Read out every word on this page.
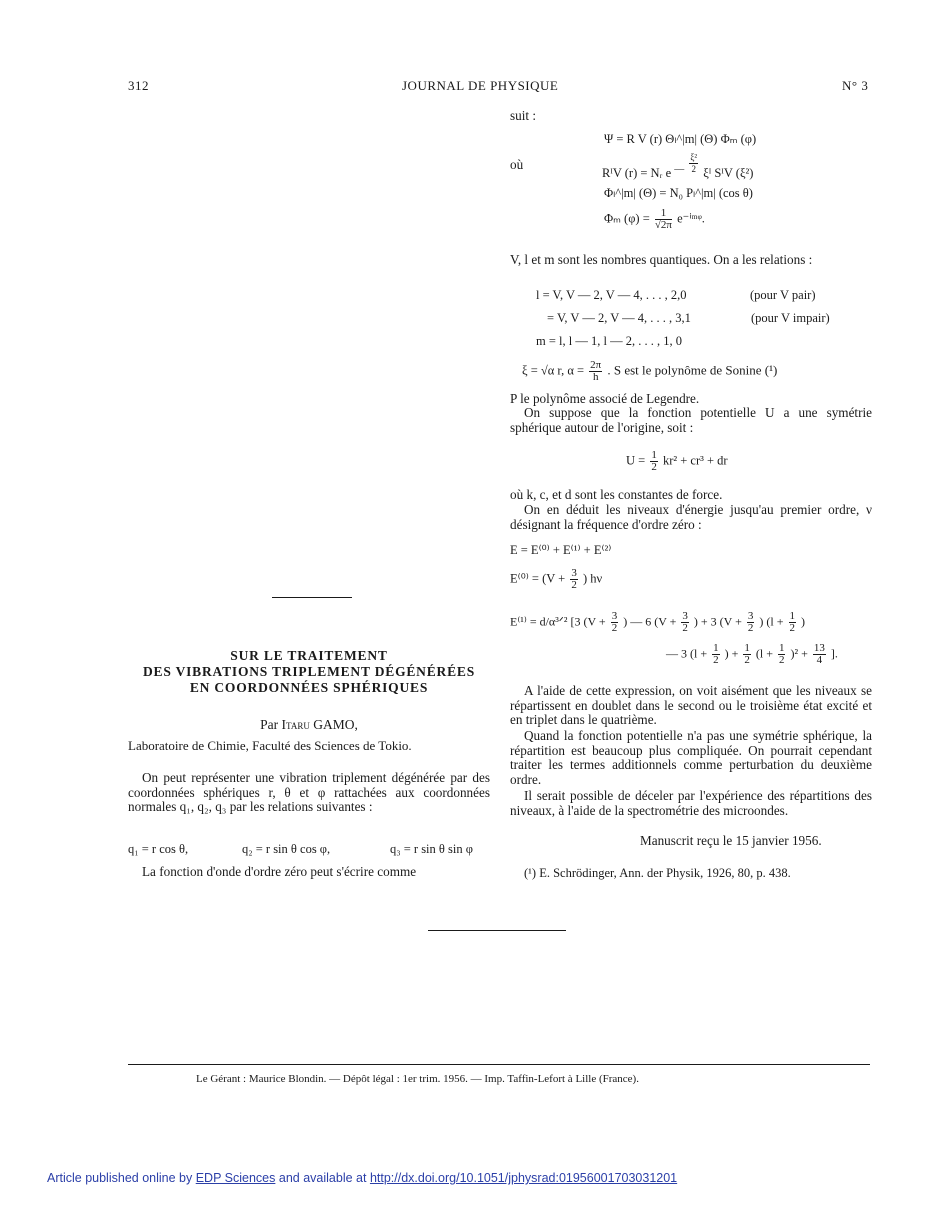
312	JOURNAL DE PHYSIQUE	N° 3
SUR LE TRAITEMENT
DES VIBRATIONS TRIPLEMENT DÉGÉNÉRÉES
EN COORDONNÉES SPHÉRIQUES
Par Itaru GAMO,
Laboratoire de Chimie, Faculté des Sciences de Tokio.
On peut représenter une vibration triplement dégénérée par des coordonnées sphériques r, θ et φ rattachées aux coordonnées normales q₁, q₂, q₃ par les relations suivantes :
q₁ = r cos θ,	q₂ = r sin θ cos φ,	q₃ = r sin θ sin φ
La fonction d'onde d'ordre zéro peut s'écrire comme
suit :
Ψ = R V (r) Θₗ^|m| (Θ) Φₘ (φ)
où
RᴵV (r) = Nᵣ e $^— \frac{\text{ξ²}}{2}$ ξᴵ SᴵV (ξ²)
Φₗ^|m| (Θ) = N₀ Pₗ^|m| (cos θ)
Φₘ $(\varphi) = \frac{1}{√2\pi}$ e⁻ⁱᵐᵠ.
V, l et m sont les nombres quantiques. On a les relations :
l = V, V — 2, V — 4, . . . , 2,0	(pour V pair)
= V, V — 2, V — 4, . . . , 3,1	(pour V impair)
m = l, l — 1, l — 2, . . . , 1, 0
ξ = √α r, $\alpha = \frac{2\pi}{h}$ . S est le polynôme de Sonine (¹)
P le polynôme associé de Legendre.
On suppose que la fonction potentielle U a une symétrie sphérique autour de l'origine, soit :
$U = \frac{1}{2} kr^2 + cr^3$ + dr
où k, c, et d sont les constantes de force.
On en déduit les niveaux d'énergie jusqu'au premier ordre, ν désignant la fréquence d'ordre zéro :
E = E⁽⁰⁾ + E⁽¹⁾ + E⁽²⁾
$E^{(0)} = (V + \frac{3}{2}$ ) hν
E⁽¹⁾ = d/α³ᐟ² [3 ($V + \frac{3}{2}$ ) — 6 ($V + \frac{3}{2}$ ) + 3 ($V + \frac{3}{2}$ ) ($l + \frac{1}{2}$ )
— 3 ($l + \frac{1}{2}$ ) + $\frac{1}{2} (l + \frac{1}{2} )^2 + \frac{13}{4}$ ].
A l'aide de cette expression, on voit aisément que les niveaux se répartissent en doublet dans le second ou le troisième état excité et en triplet dans le quatrième.
Quand la fonction potentielle n'a pas une symétrie sphérique, la répartition est beaucoup plus compliquée. On pourrait cependant traiter les termes additionnels comme perturbation du deuxième ordre.
Il serait possible de déceler par l'expérience des répartitions des niveaux, à l'aide de la spectrométrie des microondes.
Manuscrit reçu le 15 janvier 1956.
(¹) E. Schrödinger, Ann. der Physik, 1926, 80, p. 438.
Le Gérant : Maurice Blondin. — Dépôt légal : 1er trim. 1956. — Imp. Taffin-Lefort à Lille (France).
Article published online by EDP Sciences and available at http://dx.doi.org/10.1051/jphysrad:01956001703031201
